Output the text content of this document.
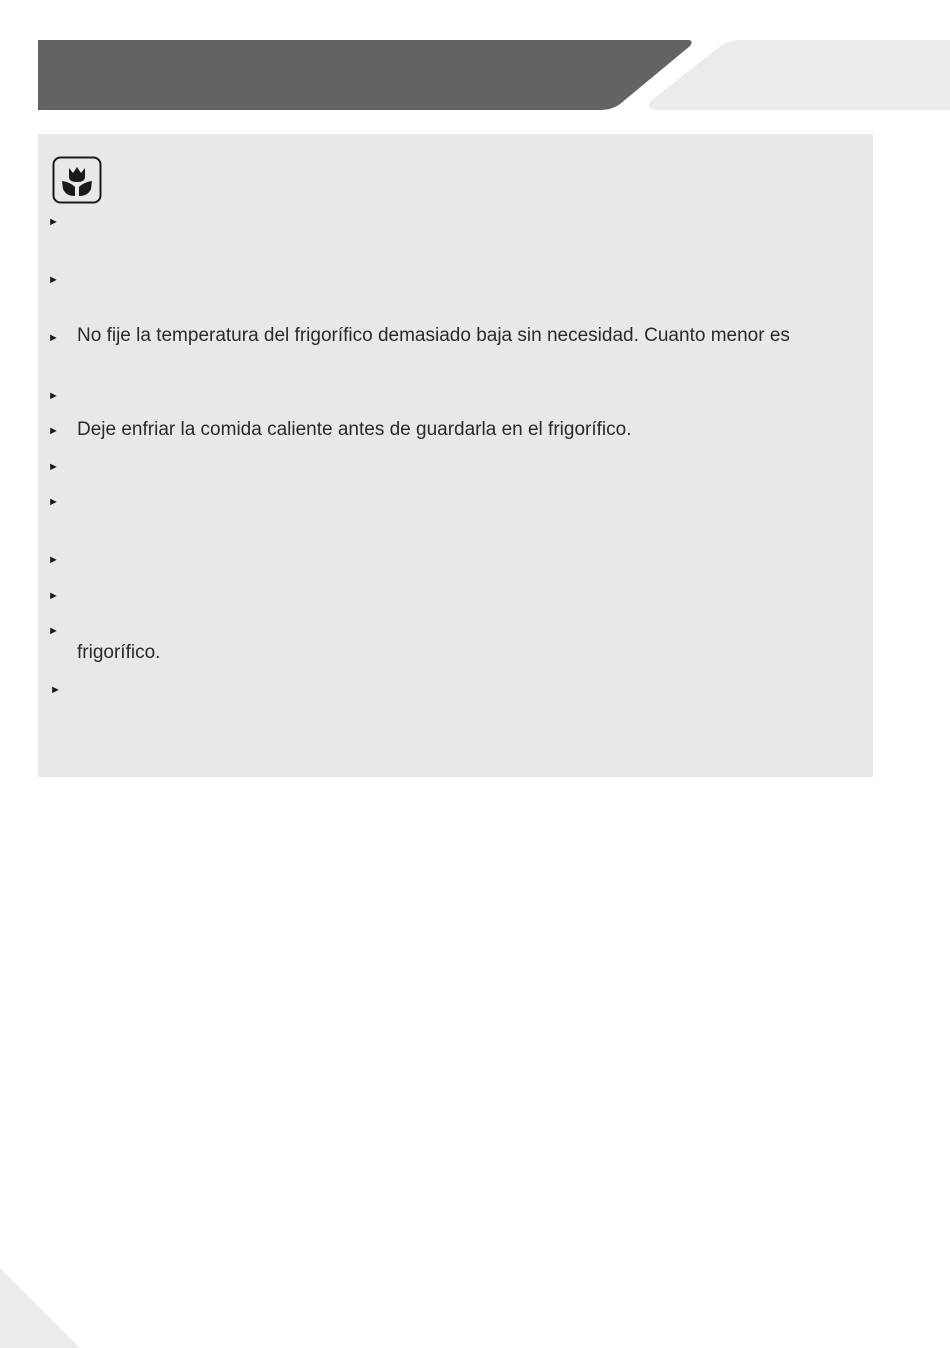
►
►
► No fije la temperatura del frigorífico demasiado baja sin necesidad. Cuanto menor es
►
► Deje enfriar la comida caliente antes de guardarla en el frigorífico.
►
►
►
►
►
frigorífico.
►
